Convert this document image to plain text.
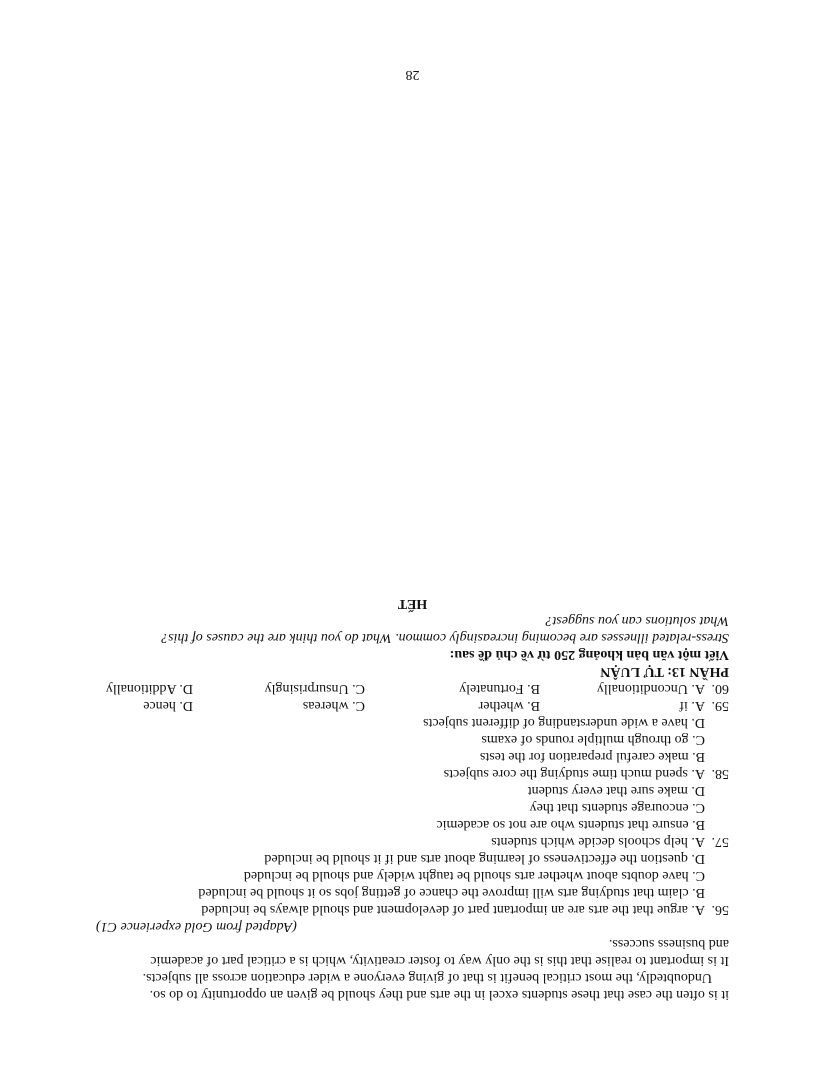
it is often the case that these students excel in the arts and they should be given an opportunity to do so.
Undoubtedly, the most critical benefit is that of giving everyone a wider education across all subjects.
It is important to realise that this is the only way to foster creativity, which is a critical part of academic
and business success.
(Adapted from Gold experience C1)
56.
A. argue that the arts are an important part of development and should always be included
B. claim that studying arts will improve the chance of getting jobs so it should be included
C. have doubts about whether arts should be taught widely and should be included
D. question the effectiveness of learning about arts and if it should be included
57.
A. help schools decide which students
B. ensure that students who are not so academic
C. encourage students that they
D. make sure that every student
58.
A. spend much time studying the core subjects
B. make careful preparation for the tests
C. go through multiple rounds of exams
D. have a wide understanding of different subjects
59.
A. if
B. whether
C. whereas
D. hence
60.
A. Unconditionally
B. Fortunately
C. Unsurprisingly
D. Additionally
PHẦN 13: TỰ LUẬN
Viết một văn bản khoảng 250 từ về chủ đề sau:
Stress-related illnesses are becoming increasingly common. What do you think are the causes of this?
What solutions can you suggest?
HẾT
28
